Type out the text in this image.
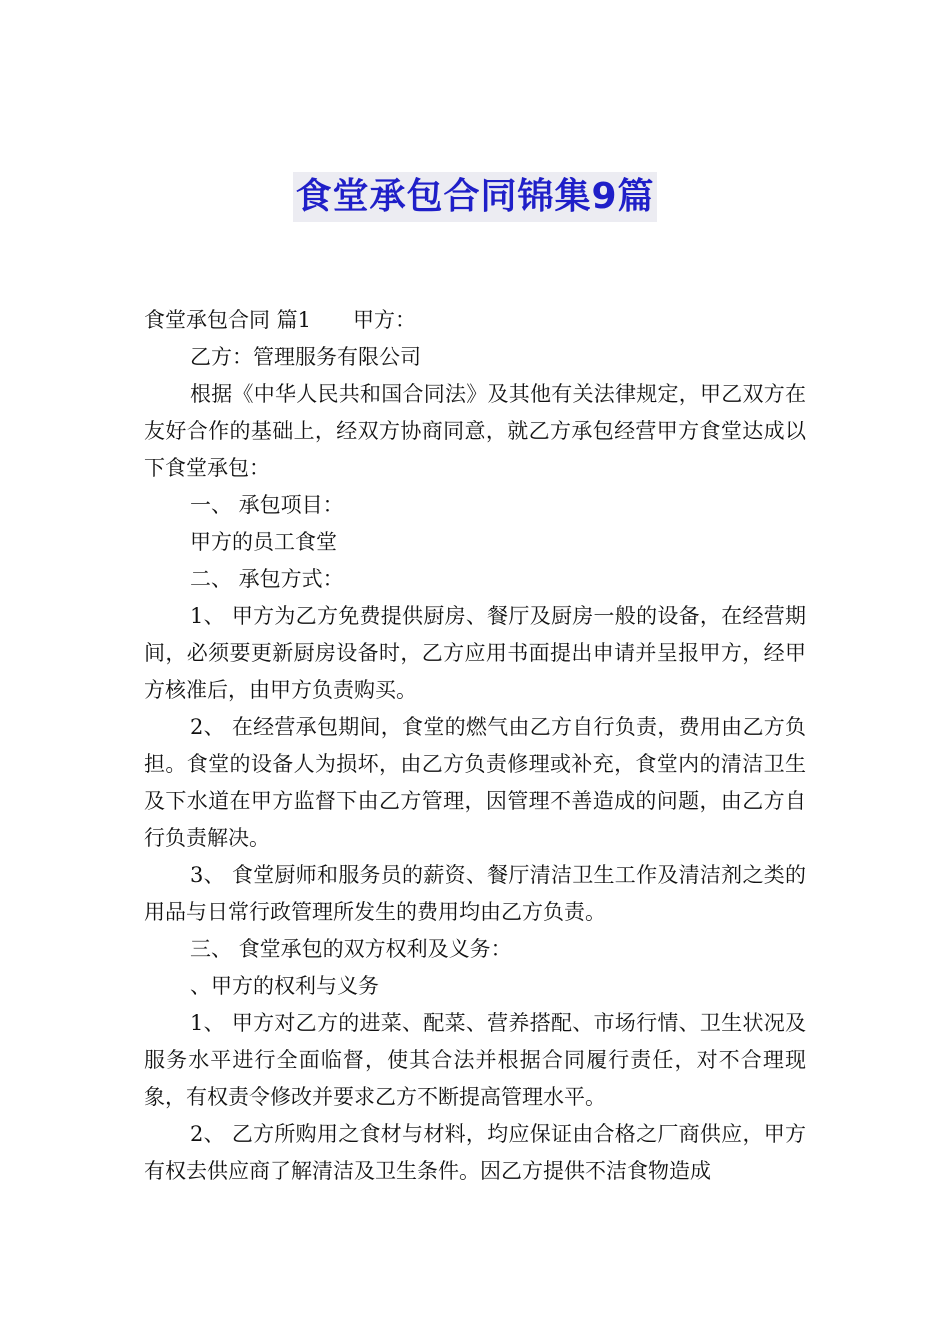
食堂承包合同锦集9篇

食堂承包合同 篇1 甲方：

乙方：管理服务有限公司

根据《中华人民共和国合同法》及其他有关法律规定，甲乙双方在友好合作的基础上，经双方协商同意，就乙方承包经营甲方食堂达成以下食堂承包：

一、 承包项目：

甲方的员工食堂

二、 承包方式：

1、 甲方为乙方免费提供厨房、餐厅及厨房一般的设备，在经营期间，必须要更新厨房设备时，乙方应用书面提出申请并呈报甲方，经甲方核准后，由甲方负责购买。

2、 在经营承包期间，食堂的燃气由乙方自行负责，费用由乙方负担。食堂的设备人为损坏，由乙方负责修理或补充，食堂内的清洁卫生及下水道在甲方监督下由乙方管理，因管理不善造成的问题，由乙方自行负责解决。

3、 食堂厨师和服务员的薪资、餐厅清洁卫生工作及清洁剂之类的用品与日常行政管理所发生的费用均由乙方负责。

三、 食堂承包的双方权利及义务：

、甲方的权利与义务

1、 甲方对乙方的进菜、配菜、营养搭配、市场行情、卫生状况及服务水平进行全面临督，使其合法并根据合同履行责任，对不合理现象，有权责令修改并要求乙方不断提高管理水平。

2、 乙方所购用之食材与材料，均应保证由合格之厂商供应，甲方有权去供应商了解清洁及卫生条件。因乙方提供不洁食物造成
